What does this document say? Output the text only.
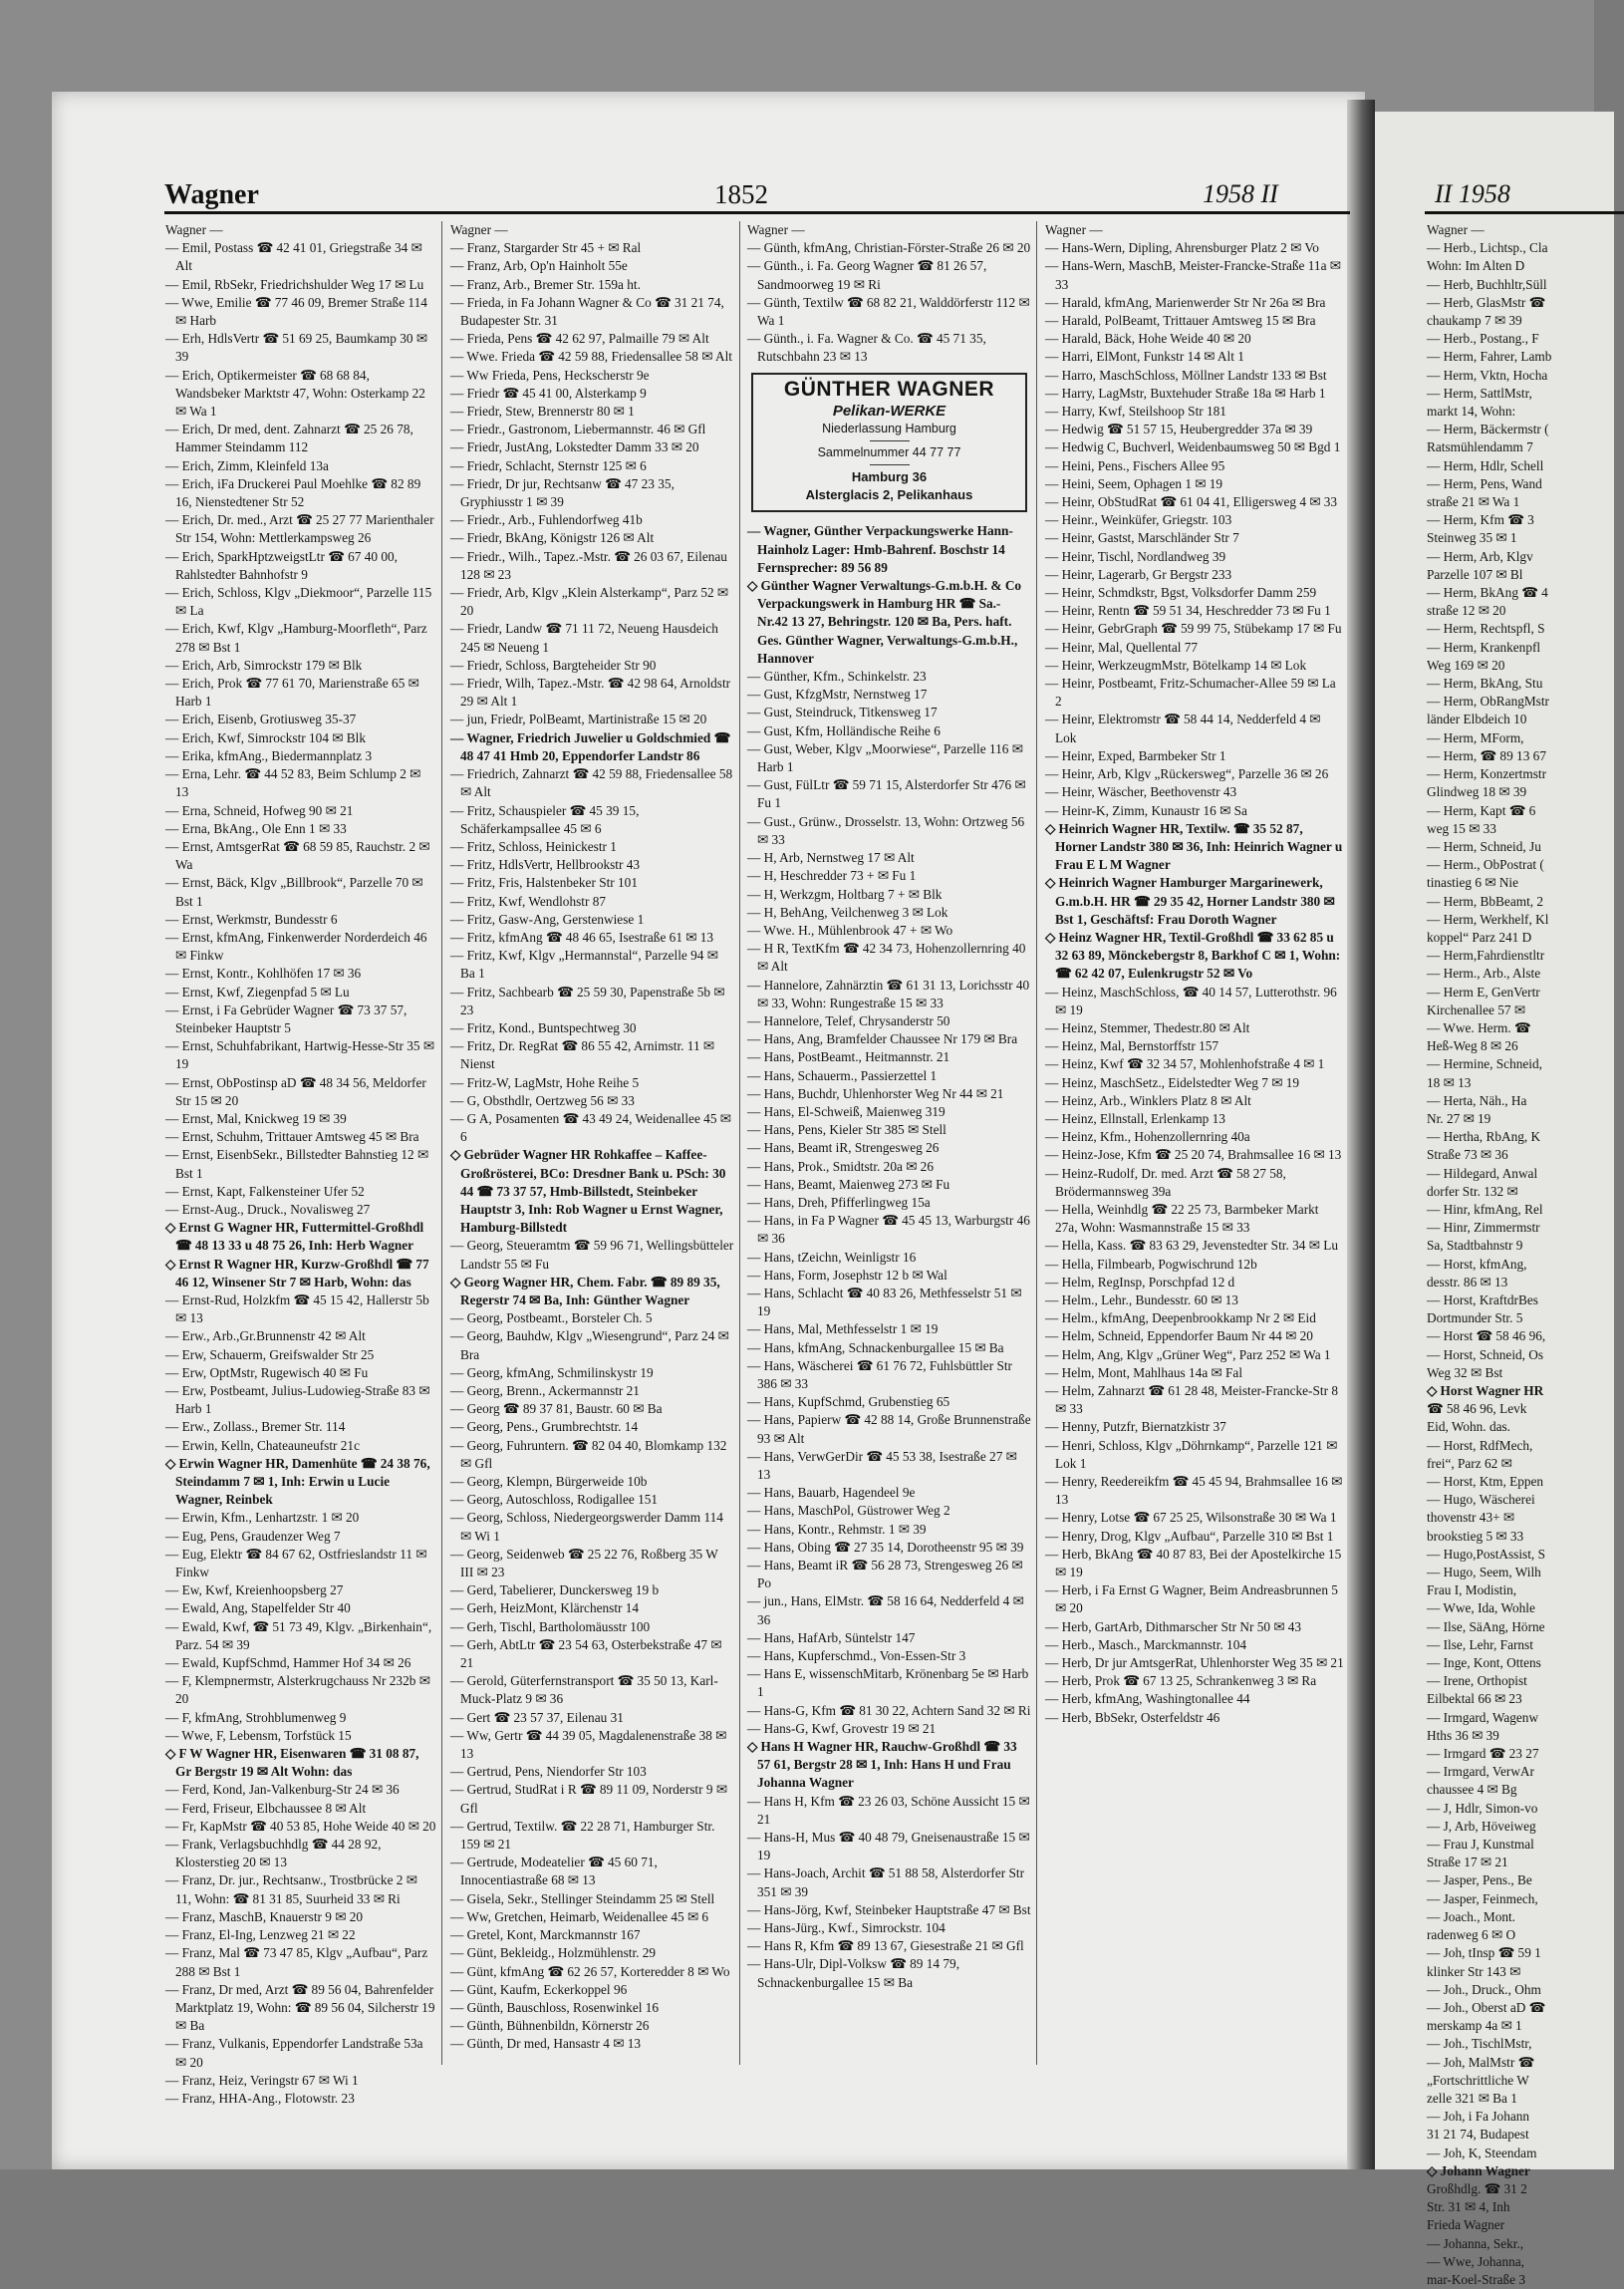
Wagner	1852	1958 II	II 1958
Wagner —
— Emil, Postass ☎ 42 41 01, Griegstraße 34 ✉ Alt
— Emil, RbSekr, Friedrichshulder Weg 17 ✉ Lu
— Wwe, Emilie ☎ 77 46 09, Bremer Straße 114 ✉ Harb
— Erh, HdlsVertr ☎ 51 69 25, Baumkamp 30 ✉ 39
— Erich, Optikermeister ☎ 68 68 84, Wandsbeker Marktstr 47, Wohn: Osterkamp 22 ✉ Wa 1
— Erich, Dr med, dent. Zahnarzt ☎ 25 26 78, Hammer Steindamm 112
— Erich, Zimm, Kleinfeld 13a
— Erich, iFa Druckerei Paul Moehlke ☎ 82 89 16, Nienstedtener Str 52
— Erich, Dr. med., Arzt ☎ 25 27 77 Marienthaler Str 154, Wohn: Mettlerkampsweg 26
— Erich, SparkHptzweigstLtr ☎ 67 40 00, Rahlstedter Bahnhofstr 9
— Erich, Schloss, Klgv „Diekmoor“, Parzelle 115 ✉ La
— Erich, Kwf, Klgv „Hamburg-Moorfleth“, Parz 278 ✉ Bst 1
— Erich, Arb, Simrockstr 179 ✉ Blk
— Erich, Prok ☎ 77 61 70, Marienstraße 65 ✉ Harb 1
— Erich, Eisenb, Grotiusweg 35-37
— Erich, Kwf, Simrockstr 104 ✉ Blk
— Erika, kfmAng., Biedermannplatz 3
— Erna, Lehr. ☎ 44 52 83, Beim Schlump 2 ✉ 13
— Erna, Schneid, Hofweg 90 ✉ 21
— Erna, BkAng., Ole Enn 1 ✉ 33
— Ernst, AmtsgerRat ☎ 68 59 85, Rauchstr. 2 ✉ Wa
— Ernst, Bäck, Klgv „Billbrook“, Parzelle 70 ✉ Bst 1
— Ernst, Werkmstr, Bundesstr 6
— Ernst, kfmAng, Finkenwerder Norderdeich 46 ✉ Finkw
— Ernst, Kontr., Kohlhöfen 17 ✉ 36
— Ernst, Kwf, Ziegenpfad 5 ✉ Lu
— Ernst, i Fa Gebrüder Wagner ☎ 73 37 57, Steinbeker Hauptstr 5
— Ernst, Schuhfabrikant, Hartwig-Hesse-Str 35 ✉ 19
— Ernst, ObPostinsp aD ☎ 48 34 56, Meldorfer Str 15 ✉ 20
— Ernst, Mal, Knickweg 19 ✉ 39
— Ernst, Schuhm, Trittauer Amtsweg 45 ✉ Bra
— Ernst, EisenbSekr., Billstedter Bahnstieg 12 ✉ Bst 1
— Ernst, Kapt, Falkensteiner Ufer 52
— Ernst-Aug., Druck., Novalisweg 27
◇ Ernst G Wagner HR, Futtermittel-Großhdl ☎ 48 13 33 u 48 75 26, Inh: Herb Wagner
◇ Ernst R Wagner HR, Kurzw-Großhdl ☎ 77 46 12, Winsener Str 7 ✉ Harb, Wohn: das
— Ernst-Rud, Holzkfm ☎ 45 15 42, Hallerstr 5b ✉ 13
— Erw., Arb.,Gr.Brunnenstr 42 ✉ Alt
— Erw, Schauerm, Greifswalder Str 25
— Erw, OptMstr, Rugewisch 40 ✉ Fu
— Erw, Postbeamt, Julius-Ludowieg-Straße 83 ✉ Harb 1
— Erw., Zollass., Bremer Str. 114
— Erwin, Kelln, Chateauneufstr 21c
◇ Erwin Wagner HR, Damenhüte ☎ 24 38 76, Steindamm 7 ✉ 1, Inh: Erwin u Lucie Wagner, Reinbek
— Erwin, Kfm., Lenhartzstr. 1 ✉ 20
— Eug, Pens, Graudenzer Weg 7
— Eug, Elektr ☎ 84 67 62, Ostfrieslandstr 11 ✉ Finkw
— Ew, Kwf, Kreienhoopsberg 27
— Ewald, Ang, Stapelfelder Str 40
— Ewald, Kwf, ☎ 51 73 49, Klgv. „Birkenhain“, Parz. 54 ✉ 39
— Ewald, KupfSchmd, Hammer Hof 34 ✉ 26
— F, Klempnermstr, Alsterkrugchauss Nr 232b ✉ 20
— F, kfmAng, Strohblumenweg 9
— Wwe, F, Lebensm, Torfstück 15
◇ F W Wagner HR, Eisenwaren ☎ 31 08 87, Gr Bergstr 19 ✉ Alt Wohn: das
— Ferd, Kond, Jan-Valkenburg-Str 24 ✉ 36
— Ferd, Friseur, Elbchaussee 8 ✉ Alt
— Fr, KapMstr ☎ 40 53 85, Hohe Weide 40 ✉ 20
— Frank, Verlagsbuchhdlg ☎ 44 28 92, Klosterstieg 20 ✉ 13
— Franz, Dr. jur., Rechtsanw., Trostbrücke 2 ✉ 11, Wohn: ☎ 81 31 85, Suurheid 33 ✉ Ri
— Franz, MaschB, Knauerstr 9 ✉ 20
— Franz, El-Ing, Lenzweg 21 ✉ 22
— Franz, Mal ☎ 73 47 85, Klgv „Aufbau“, Parz 288 ✉ Bst 1
— Franz, Dr med, Arzt ☎ 89 56 04, Bahrenfelder Marktplatz 19, Wohn: ☎ 89 56 04, Silcherstr 19 ✉ Ba
— Franz, Vulkanis, Eppendorfer Landstraße 53a ✉ 20
— Franz, Heiz, Veringstr 67 ✉ Wi 1
— Franz, HHA-Ang., Flotowstr. 23
Wagner —
— Franz, Stargarder Str 45 + ✉ Ral
— Franz, Arb, Op'n Hainholt 55e
— Franz, Arb., Bremer Str. 159a ht.
— Frieda, in Fa Johann Wagner & Co ☎ 31 21 74, Budapester Str. 31
— Frieda, Pens ☎ 42 62 97, Palmaille 79 ✉ Alt
— Wwe. Frieda ☎ 42 59 88, Friedensallee 58 ✉ Alt
— Ww Frieda, Pens, Heckscherstr 9e
— Friedr ☎ 45 41 00, Alsterkamp 9
— Friedr, Stew, Brennerstr 80 ✉ 1
— Friedr., Gastronom, Liebermannstr. 46 ✉ Gfl
— Friedr, JustAng, Lokstedter Damm 33 ✉ 20
— Friedr, Schlacht, Sternstr 125 ✉ 6
— Friedr, Dr jur, Rechtsanw ☎ 47 23 35, Gryphiusstr 1 ✉ 39
— Friedr., Arb., Fuhlendorfweg 41b
— Friedr, BkAng, Königstr 126 ✉ Alt
— Friedr., Wilh., Tapez.-Mstr. ☎ 26 03 67, Eilenau 128 ✉ 23
— Friedr, Arb, Klgv „Klein Alsterkamp“, Parz 52 ✉ 20
— Friedr, Landw ☎ 71 11 72, Neueng Hausdeich 245 ✉ Neueng 1
— Friedr, Schloss, Bargteheider Str 90
— Friedr, Wilh, Tapez.-Mstr. ☎ 42 98 64, Arnoldstr 29 ✉ Alt 1
— jun, Friedr, PolBeamt, Martinistraße 15 ✉ 20
— Wagner, Friedrich Juwelier u Goldschmied ☎ 48 47 41 Hmb 20, Eppendorfer Landstr 86
— Friedrich, Zahnarzt ☎ 42 59 88, Friedensallee 58 ✉ Alt
— Fritz, Schauspieler ☎ 45 39 15, Schäferkampsallee 45 ✉ 6
— Fritz, Schloss, Heinickestr 1
— Fritz, HdlsVertr, Hellbrookstr 43
— Fritz, Fris, Halstenbeker Str 101
— Fritz, Kwf, Wendlohstr 87
— Fritz, Gasw-Ang, Gerstenwiese 1
— Fritz, kfmAng ☎ 48 46 65, Isestraße 61 ✉ 13
— Fritz, Kwf, Klgv „Hermannstal“, Parzelle 94 ✉ Ba 1
— Fritz, Sachbearb ☎ 25 59 30, Papenstraße 5b ✉ 23
— Fritz, Kond., Buntspechtweg 30
— Fritz, Dr. RegRat ☎ 86 55 42, Arnimstr. 11 ✉ Nienst
— Fritz-W, LagMstr, Hohe Reihe 5
— G, Obsthdlr, Oertzweg 56 ✉ 33
— G A, Posamenten ☎ 43 49 24, Weidenallee 45 ✉ 6
◇ Gebrüder Wagner HR Rohkaffee – Kaffee-Großrösterei, BCo: Dresdner Bank u. PSch: 30 44 ☎ 73 37 57, Hmb-Billstedt, Steinbeker Hauptstr 3, Inh: Rob Wagner u Ernst Wagner, Hamburg-Billstedt
— Georg, Steueramtm ☎ 59 96 71, Wellingsbütteler Landstr 55 ✉ Fu
◇ Georg Wagner HR, Chem. Fabr. ☎ 89 89 35, Regerstr 74 ✉ Ba, Inh: Günther Wagner
— Georg, Postbeamt., Borsteler Ch. 5
— Georg, Bauhdw, Klgv „Wiesengrund“, Parz 24 ✉ Bra
— Georg, kfmAng, Schmilinskystr 19
— Georg, Brenn., Ackermannstr 21
— Georg ☎ 89 37 81, Baustr. 60 ✉ Ba
— Georg, Pens., Grumbrechtstr. 14
— Georg, Fuhruntern. ☎ 82 04 40, Blomkamp 132 ✉ Gfl
— Georg, Klempn, Bürgerweide 10b
— Georg, Autoschloss, Rodigallee 151
— Georg, Schloss, Niedergeorgswerder Damm 114 ✉ Wi 1
— Georg, Seidenweb ☎ 25 22 76, Roßberg 35 W III ✉ 23
— Gerd, Tabelierer, Dunckersweg 19 b
— Gerh, HeizMont, Klärchenstr 14
— Gerh, Tischl, Bartholomäusstr 100
— Gerh, AbtLtr ☎ 23 54 63, Osterbekstraße 47 ✉ 21
— Gerold, Güterfernstransport ☎ 35 50 13, Karl-Muck-Platz 9 ✉ 36
— Gert ☎ 23 57 37, Eilenau 31
— Ww, Gertr ☎ 44 39 05, Magdalenenstraße 38 ✉ 13
— Gertrud, Pens, Niendorfer Str 103
— Gertrud, StudRat i R ☎ 89 11 09, Norderstr 9 ✉ Gfl
— Gertrud, Textilw. ☎ 22 28 71, Hamburger Str. 159 ✉ 21
— Gertrude, Modeatelier ☎ 45 60 71, Innocentiastraße 68 ✉ 13
— Gisela, Sekr., Stellinger Steindamm 25 ✉ Stell
— Ww, Gretchen, Heimarb, Weidenallee 45 ✉ 6
— Gretel, Kont, Marckmannstr 167
— Günt, Bekleidg., Holzmühlenstr. 29
— Günt, kfmAng ☎ 62 26 57, Korteredder 8 ✉ Wo
— Günt, Kaufm, Eckerkoppel 96
— Günth, Bauschloss, Rosenwinkel 16
— Günth, Bühnenbildn, Körnerstr 26
— Günth, Dr med, Hansastr 4 ✉ 13
Wagner —
— Günth, kfmAng, Christian-Förster-Straße 26 ✉ 20
— Günth., i. Fa. Georg Wagner ☎ 81 26 57, Sandmoorweg 19 ✉ Ri
— Günth, Textilw ☎ 68 82 21, Walddörferstr 112 ✉ Wa 1
— Günth., i. Fa. Wagner & Co. ☎ 45 71 35, Rutschbahn 23 ✉ 13
GÜNTHER WAGNER
Pelikan-WERKE
Niederlassung Hamburg
Sammelnummer 44 77 77
Hamburg 36
Alsterglacis 2, Pelikanhaus
— Wagner, Günther Verpackungswerke Hann-Hainholz Lager: Hmb-Bahrenf. Boschstr 14 Fernsprecher: 89 56 89
◇ Günther Wagner Verwaltungs-G.m.b.H. & Co Verpackungswerk in Hamburg HR ☎ Sa.-Nr.42 13 27, Behringstr. 120 ✉ Ba, Pers. haft. Ges. Günther Wagner, Verwaltungs-G.m.b.H., Hannover
— Günther, Kfm., Schinkelstr. 23
— Gust, KfzgMstr, Nernstweg 17
— Gust, Steindruck, Titkensweg 17
— Gust, Kfm, Holländische Reihe 6
— Gust, Weber, Klgv „Moorwiese“, Parzelle 116 ✉ Harb 1
— Gust, FülLtr ☎ 59 71 15, Alsterdorfer Str 476 ✉ Fu 1
— Gust., Grünw., Drosselstr. 13, Wohn: Ortzweg 56 ✉ 33
— H, Arb, Nernstweg 17 ✉ Alt
— H, Heschredder 73 + ✉ Fu 1
— H, Werkzgm, Holtbarg 7 + ✉ Blk
— H, BehAng, Veilchenweg 3 ✉ Lok
— Wwe. H., Mühlenbrook 47 + ✉ Wo
— H R, TextKfm ☎ 42 34 73, Hohenzollernring 40 ✉ Alt
— Hannelore, Zahnärztin ☎ 61 31 13, Lorichsstr 40 ✉ 33, Wohn: Rungestraße 15 ✉ 33
— Hannelore, Telef, Chrysanderstr 50
— Hans, Ang, Bramfelder Chaussee Nr 179 ✉ Bra
— Hans, PostBeamt., Heitmannstr. 21
— Hans, Schauerm., Passierzettel 1
— Hans, Buchdr, Uhlenhorster Weg Nr 44 ✉ 21
— Hans, El-Schweiß, Maienweg 319
— Hans, Pens, Kieler Str 385 ✉ Stell
— Hans, Beamt iR, Strengesweg 26
— Hans, Prok., Smidtstr. 20a ✉ 26
— Hans, Beamt, Maienweg 273 ✉ Fu
— Hans, Dreh, Pfifferlingweg 15a
— Hans, in Fa P Wagner ☎ 45 45 13, Warburgstr 46 ✉ 36
— Hans, tZeichn, Weinligstr 16
— Hans, Form, Josephstr 12 b ✉ Wal
— Hans, Schlacht ☎ 40 83 26, Methfesselstr 51 ✉ 19
— Hans, Mal, Methfesselstr 1 ✉ 19
— Hans, kfmAng, Schnackenburgallee 15 ✉ Ba
— Hans, Wäscherei ☎ 61 76 72, Fuhlsbüttler Str 386 ✉ 33
— Hans, KupfSchmd, Grubenstieg 65
— Hans, Papierw ☎ 42 88 14, Große Brunnenstraße 93 ✉ Alt
— Hans, VerwGerDir ☎ 45 53 38, Isestraße 27 ✉ 13
— Hans, Bauarb, Hagendeel 9e
— Hans, MaschPol, Güstrower Weg 2
— Hans, Kontr., Rehmstr. 1 ✉ 39
— Hans, Obing ☎ 27 35 14, Dorotheenstr 95 ✉ 39
— Hans, Beamt iR ☎ 56 28 73, Strengesweg 26 ✉ Po
— jun., Hans, ElMstr. ☎ 58 16 64, Nedderfeld 4 ✉ 36
— Hans, HafArb, Süntelstr 147
— Hans, Kupferschmd., Von-Essen-Str 3
— Hans E, wissenschMitarb, Krönenbarg 5e ✉ Harb 1
— Hans-G, Kfm ☎ 81 30 22, Achtern Sand 32 ✉ Ri
— Hans-G, Kwf, Grovestr 19 ✉ 21
◇ Hans H Wagner HR, Rauchw-Großhdl ☎ 33 57 61, Bergstr 28 ✉ 1, Inh: Hans H und Frau Johanna Wagner
— Hans H, Kfm ☎ 23 26 03, Schöne Aussicht 15 ✉ 21
— Hans-H, Mus ☎ 40 48 79, Gneisenaustraße 15 ✉ 19
— Hans-Joach, Archit ☎ 51 88 58, Alsterdorfer Str 351 ✉ 39
— Hans-Jörg, Kwf, Steinbeker Hauptstraße 47 ✉ Bst
— Hans-Jürg., Kwf., Simrockstr. 104
— Hans R, Kfm ☎ 89 13 67, Giesestraße 21 ✉ Gfl
— Hans-Ulr, Dipl-Volksw ☎ 89 14 79, Schnackenburgallee 15 ✉ Ba
Wagner —
— Hans-Wern, Dipling, Ahrensburger Platz 2 ✉ Vo
— Hans-Wern, MaschB, Meister-Francke-Straße 11a ✉ 33
— Harald, kfmAng, Marienwerder Str Nr 26a ✉ Bra
— Harald, PolBeamt, Trittauer Amtsweg 15 ✉ Bra
— Harald, Bäck, Hohe Weide 40 ✉ 20
— Harri, ElMont, Funkstr 14 ✉ Alt 1
— Harro, MaschSchloss, Möllner Landstr 133 ✉ Bst
— Harry, LagMstr, Buxtehuder Straße 18a ✉ Harb 1
— Harry, Kwf, Steilshoop Str 181
— Hedwig ☎ 51 57 15, Heubergredder 37a ✉ 39
— Hedwig C, Buchverl, Weidenbaumsweg 50 ✉ Bgd 1
— Heini, Pens., Fischers Allee 95
— Heini, Seem, Ophagen 1 ✉ 19
— Heinr, ObStudRat ☎ 61 04 41, Elligersweg 4 ✉ 33
— Heinr., Weinküfer, Griegstr. 103
— Heinr, Gastst, Marschländer Str 7
— Heinr, Tischl, Nordlandweg 39
— Heinr, Lagerarb, Gr Bergstr 233
— Heinr, Schmdkstr, Bgst, Volksdorfer Damm 259
— Heinr, Rentn ☎ 59 51 34, Heschredder 73 ✉ Fu 1
— Heinr, GebrGraph ☎ 59 99 75, Stübekamp 17 ✉ Fu
— Heinr, Mal, Quellental 77
— Heinr, WerkzeugmMstr, Bötelkamp 14 ✉ Lok
— Heinr, Postbeamt, Fritz-Schumacher-Allee 59 ✉ La 2
— Heinr, Elektromstr ☎ 58 44 14, Nedderfeld 4 ✉ Lok
— Heinr, Exped, Barmbeker Str 1
— Heinr, Arb, Klgv „Rückersweg“, Parzelle 36 ✉ 26
— Heinr, Wäscher, Beethovenstr 43
— Heinr-K, Zimm, Kunaustr 16 ✉ Sa
◇ Heinrich Wagner HR, Textilw. ☎ 35 52 87, Horner Landstr 380 ✉ 36, Inh: Heinrich Wagner u Frau E L M Wagner
◇ Heinrich Wagner Hamburger Margarinewerk, G.m.b.H. HR ☎ 29 35 42, Horner Landstr 380 ✉ Bst 1, Geschäftsf: Frau Doroth Wagner
◇ Heinz Wagner HR, Textil-Großhdl ☎ 33 62 85 u 32 63 89, Mönckebergstr 8, Barkhof C ✉ 1, Wohn: ☎ 62 42 07, Eulenkrugstr 52 ✉ Vo
— Heinz, MaschSchloss, ☎ 40 14 57, Lutterothstr. 96 ✉ 19
— Heinz, Stemmer, Thedestr.80 ✉ Alt
— Heinz, Mal, Bernstorffstr 157
— Heinz, Kwf ☎ 32 34 57, Mohlenhofstraße 4 ✉ 1
— Heinz, MaschSetz., Eidelstedter Weg 7 ✉ 19
— Heinz, Arb., Winklers Platz 8 ✉ Alt
— Heinz, Ellnstall, Erlenkamp 13
— Heinz, Kfm., Hohenzollernring 40a
— Heinz-Jose, Kfm ☎ 25 20 74, Brahmsallee 16 ✉ 13
— Heinz-Rudolf, Dr. med. Arzt ☎ 58 27 58, Brödermannsweg 39a
— Hella, Weinhdlg ☎ 22 25 73, Barmbeker Markt 27a, Wohn: Wasmannstraße 15 ✉ 33
— Hella, Kass. ☎ 83 63 29, Jevenstedter Str. 34 ✉ Lu
— Hella, Filmbearb, Pogwischrund 12b
— Helm, RegInsp, Porschpfad 12 d
— Helm., Lehr., Bundesstr. 60 ✉ 13
— Helm., kfmAng, Deepenbrookkamp Nr 2 ✉ Eid
— Helm, Schneid, Eppendorfer Baum Nr 44 ✉ 20
— Helm, Ang, Klgv „Grüner Weg“, Parz 252 ✉ Wa 1
— Helm, Mont, Mahlhaus 14a ✉ Fal
— Helm, Zahnarzt ☎ 61 28 48, Meister-Francke-Str 8 ✉ 33
— Henny, Putzfr, Biernatzkistr 37
— Henri, Schloss, Klgv „Döhrnkamp“, Parzelle 121 ✉ Lok 1
— Henry, Reedereikfm ☎ 45 45 94, Brahmsallee 16 ✉ 13
— Henry, Lotse ☎ 67 25 25, Wilsonstraße 30 ✉ Wa 1
— Henry, Drog, Klgv „Aufbau“, Parzelle 310 ✉ Bst 1
— Herb, BkAng ☎ 40 87 83, Bei der Apostelkirche 15 ✉ 19
— Herb, i Fa Ernst G Wagner, Beim Andreasbrunnen 5 ✉ 20
— Herb, GartArb, Dithmarscher Str Nr 50 ✉ 43
— Herb., Masch., Marckmannstr. 104
— Herb, Dr jur AmtsgerRat, Uhlenhorster Weg 35 ✉ 21
— Herb, Prok ☎ 67 13 25, Schrankenweg 3 ✉ Ra
— Herb, kfmAng, Washingtonallee 44
— Herb, BbSekr, Osterfeldstr 46
Wagner —
— Herb., Lichtsp., Cla
Wohn: Im Alten D
— Herb, Buchhltr,Süll
— Herb, GlasMstr ☎
chaukamp 7 ✉ 39
— Herb., Postang., F
— Herm, Fahrer, Lamb
— Herm, Vktn, Hocha
— Herm, SattlMstr,
markt 14, Wohn:
— Herm, Bäckermstr (
Ratsmühlendamm 7
— Herm, Hdlr, Schell
— Herm, Pens, Wand
straße 21 ✉ Wa 1
— Herm, Kfm ☎ 3
Steinweg 35 ✉ 1
— Herm, Arb, Klgv
Parzelle 107 ✉ Bl
— Herm, BkAng ☎ 4
straße 12 ✉ 20
— Herm, Rechtspfl, S
— Herm, Krankenpfl
Weg 169 ✉ 20
— Herm, BkAng, Stu
— Herm, ObRangMstr
länder Elbdeich 10
— Herm, MForm,
— Herm, ☎ 89 13 67
— Herm, Konzertmstr
Glindweg 18 ✉ 39
— Herm, Kapt ☎ 6
weg 15 ✉ 33
— Herm, Schneid, Ju
— Herm., ObPostrat (
tinastieg 6 ✉ Nie
— Herm, BbBeamt, 2
— Herm, Werkhelf, Kl
koppel“ Parz 241 D
— Herm,Fahrdienstltr
— Herm., Arb., Alste
— Herm E, GenVertr
Kirchenallee 57 ✉
— Wwe. Herm. ☎
Heß-Weg 8 ✉ 26
— Hermine, Schneid,
18 ✉ 13
— Herta, Näh., Ha
Nr. 27 ✉ 19
— Hertha, RbAng, K
Straße 73 ✉ 36
— Hildegard, Anwal
dorfer Str. 132 ✉
— Hinr, kfmAng, Rel
— Hinr, Zimmermstr
Sa, Stadtbahnstr 9
— Horst, kfmAng,
desstr. 86 ✉ 13
— Horst, KraftdrBes
Dortmunder Str. 5
— Horst ☎ 58 46 96,
— Horst, Schneid, Os
Weg 32 ✉ Bst
◇ Horst Wagner HR
☎ 58 46 96, Levk
Eid, Wohn. das.
— Horst, RdfMech,
frei“, Parz 62 ✉
— Horst, Ktm, Eppen
— Hugo, Wäscherei
thovenstr 43+ ✉
brookstieg 5 ✉ 33
— Hugo,PostAssist, S
— Hugo, Seem, Wilh
Frau I, Modistin,
— Wwe, Ida, Wohle
— Ilse, SäAng, Hörne
— Ilse, Lehr, Farnst
— Inge, Kont, Ottens
— Irene, Orthopist
Eilbektal 66 ✉ 23
— Irmgard, Wagenw
Hths 36 ✉ 39
— Irmgard ☎ 23 27
— Irmgard, VerwAr
chaussee 4 ✉ Bg
— J, Hdlr, Simon-vo
— J, Arb, Höveiweg
— Frau J, Kunstmal
Straße 17 ✉ 21
— Jasper, Pens., Be
— Jasper, Feinmech,
— Joach., Mont.
radenweg 6 ✉ O
— Joh, tInsp ☎ 59 1
klinker Str 143 ✉
— Joh., Druck., Ohm
— Joh., Oberst aD ☎
merskamp 4a ✉ 1
— Joh., TischlMstr,
— Joh, MalMstr ☎
„Fortschrittliche W
zelle 321 ✉ Ba 1
— Joh, i Fa Johann
31 21 74, Budapest
— Joh, K, Steendam
◇ Johann Wagner
Großhdlg. ☎ 31 2
Str. 31 ✉ 4, Inh
Frieda Wagner
— Johanna, Sekr.,
— Wwe, Johanna,
mar-Koel-Straße 3
